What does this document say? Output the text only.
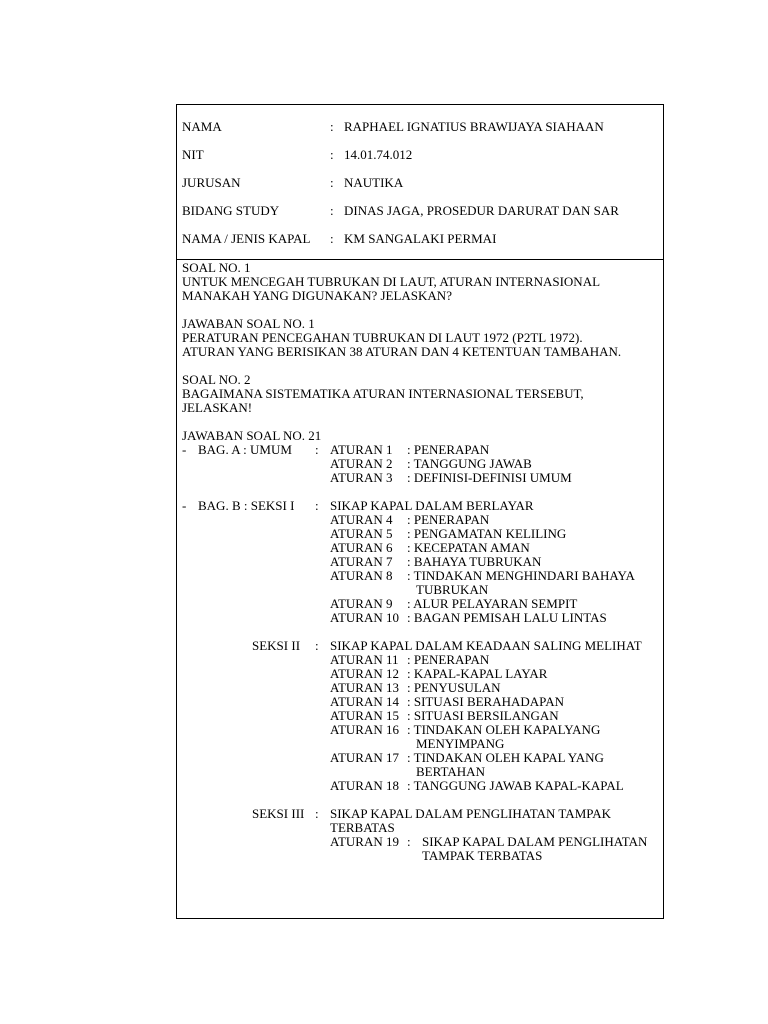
NAMA	: RAPHAEL IGNATIUS BRAWIJAYA SIAHAAN
NIT	: 14.01.74.012
JURUSAN	: NAUTIKA
BIDANG STUDY	: DINAS JAGA, PROSEDUR DARURAT DAN SAR
NAMA / JENIS KAPAL : KM SANGALAKI PERMAI
SOAL NO. 1
UNTUK MENCEGAH TUBRUKAN DI LAUT, ATURAN INTERNASIONAL
MANAKAH YANG DIGUNAKAN? JELASKAN?
JAWABAN SOAL NO. 1
PERATURAN PENCEGAHAN TUBRUKAN DI LAUT 1972 (P2TL 1972).
ATURAN YANG BERISIKAN 38 ATURAN DAN 4 KETENTUAN TAMBAHAN.
SOAL NO. 2
BAGAIMANA SISTEMATIKA ATURAN INTERNASIONAL TERSEBUT,
JELASKAN!
JAWABAN SOAL NO. 21
- BAG. A : UMUM : ATURAN 1 : PENERAPAN
ATURAN 2 : TANGGUNG JAWAB
ATURAN 3 : DEFINISI-DEFINISI UMUM
- BAG. B : SEKSI I : SIKAP KAPAL DALAM BERLAYAR
ATURAN 4 : PENERAPAN
ATURAN 5 : PENGAMATAN KELILING
ATURAN 6 : KECEPATAN AMAN
ATURAN 7 : BAHAYA TUBRUKAN
ATURAN 8 : TINDAKAN MENGHINDARI BAHAYA
TUBRUKAN
ATURAN 9 : ALUR PELAYARAN SEMPIT
ATURAN 10 : BAGAN PEMISAH LALU LINTAS
SEKSI II : SIKAP KAPAL DALAM KEADAAN SALING MELIHAT
ATURAN 11 : PENERAPAN
ATURAN 12 : KAPAL-KAPAL LAYAR
ATURAN 13 : PENYUSULAN
ATURAN 14 : SITUASI BERAHADAPAN
ATURAN 15 : SITUASI BERSILANGAN
ATURAN 16 : TINDAKAN OLEH KAPALYANG
MENYIMPANG
ATURAN 17 : TINDAKAN OLEH KAPAL YANG
BERTAHAN
ATURAN 18 : TANGGUNG JAWAB KAPAL-KAPAL
SEKSI III : SIKAP KAPAL DALAM PENGLIHATAN TAMPAK
TERBATAS
ATURAN 19 : SIKAP KAPAL DALAM PENGLIHATAN
TAMPAK TERBATAS
